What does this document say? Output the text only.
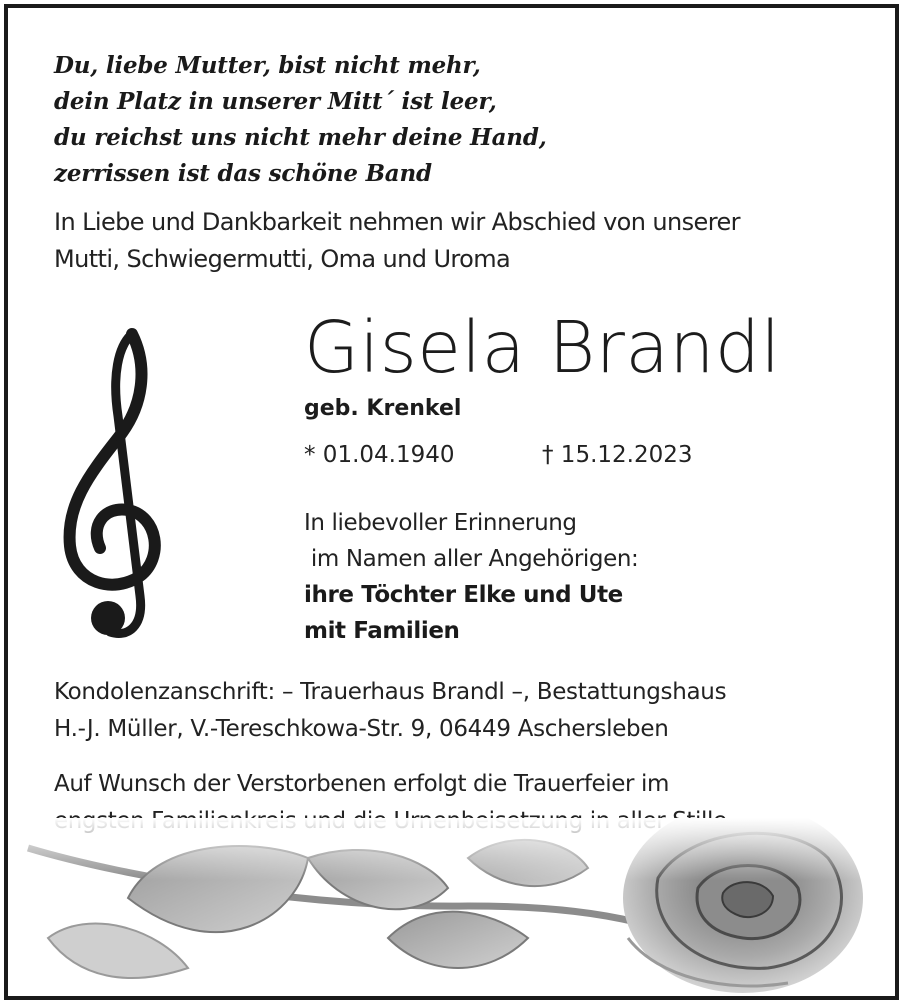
Du, liebe Mutter, bist nicht mehr,
dein Platz in unserer Mitt´ ist leer,
du reichst uns nicht mehr deine Hand,
zerrissen ist das schöne Band
In Liebe und Dankbarkeit nehmen wir Abschied von unserer
Mutti, Schwiegermutti, Oma und Uroma
Gisela Brandl
geb. Krenkel
* 01.04.1940	† 15.12.2023
In liebevoller Erinnerung
im Namen aller Angehörigen:
ihre Töchter Elke und Ute
mit Familien
Kondolenzanschrift: – Trauerhaus Brandl –, Bestattungshaus
H.-J. Müller, V.-Tereschkowa-Str. 9, 06449 Aschersleben
Auf Wunsch der Verstorbenen erfolgt die Trauerfeier im
